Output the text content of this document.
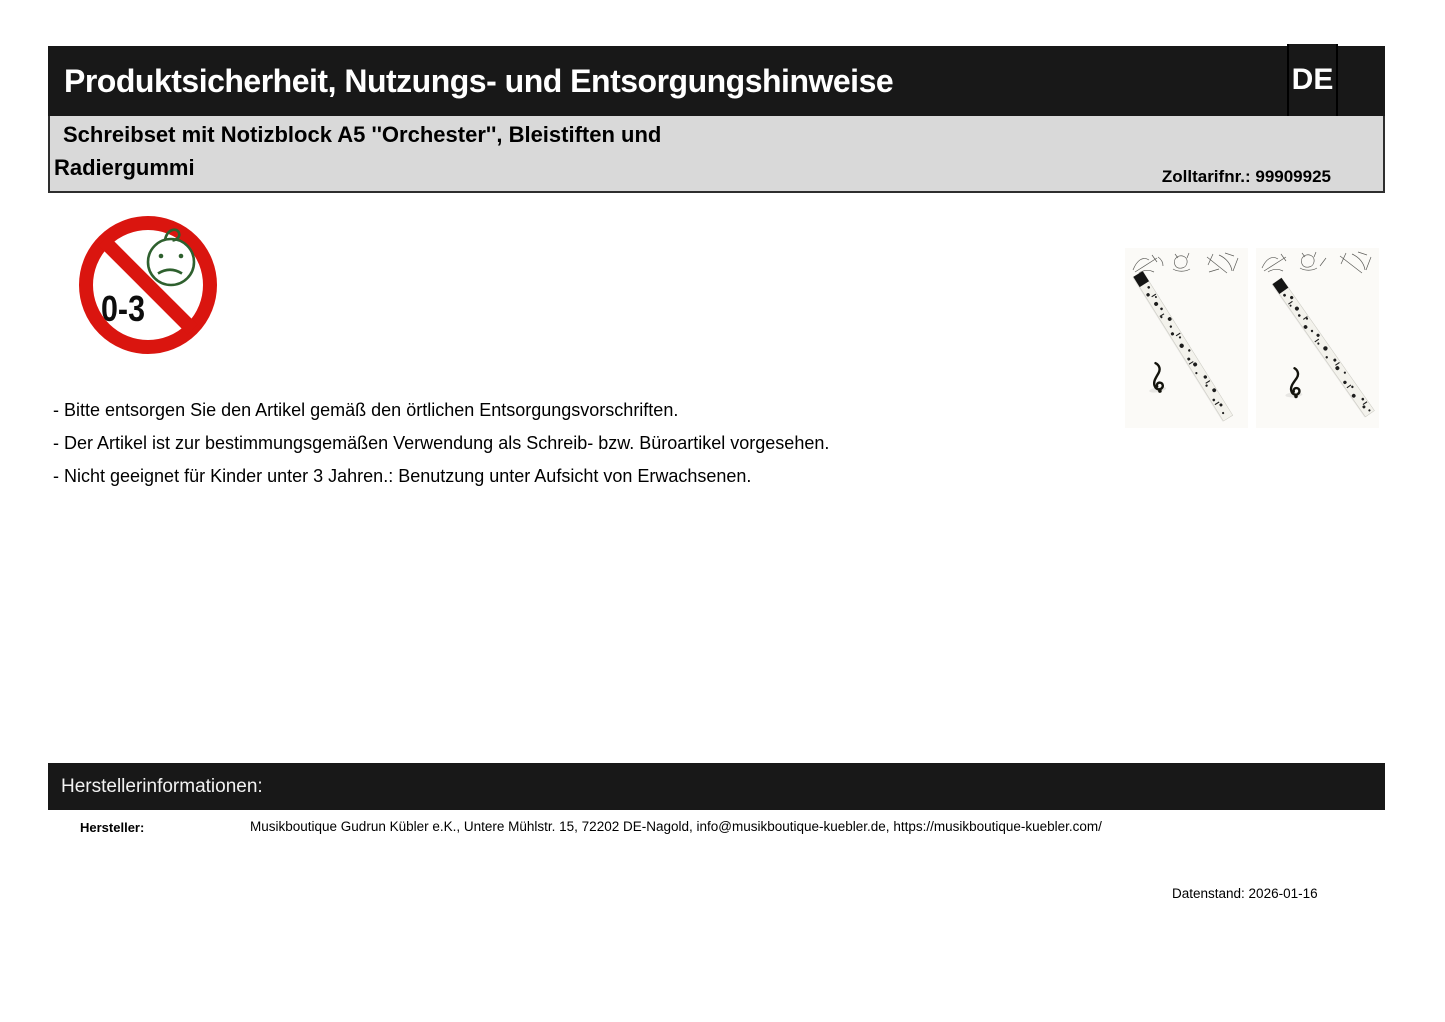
Produktsicherheit, Nutzungs- und Entsorgungshinweise	DE
Schreibset mit Notizblock A5 ''Orchester'', Bleistiften und
Radiergummi	Zolltarifnr.: 99909925
0-3

- Bitte entsorgen Sie den Artikel gemäß den örtlichen Entsorgungsvorschriften.

- Der Artikel ist zur bestimmungsgemäßen Verwendung als Schreib- bzw. Büroartikel vorgesehen.

- Nicht geeignet für Kinder unter 3 Jahren.: Benutzung unter Aufsicht von Erwachsenen.

Herstellerinformationen:
Hersteller:	Musikboutique Gudrun Kübler e.K., Untere Mühlstr. 15, 72202 DE-Nagold, info@musikboutique-kuebler.de, https://musikboutique-kuebler.com/
Datenstand: 2026-01-16
